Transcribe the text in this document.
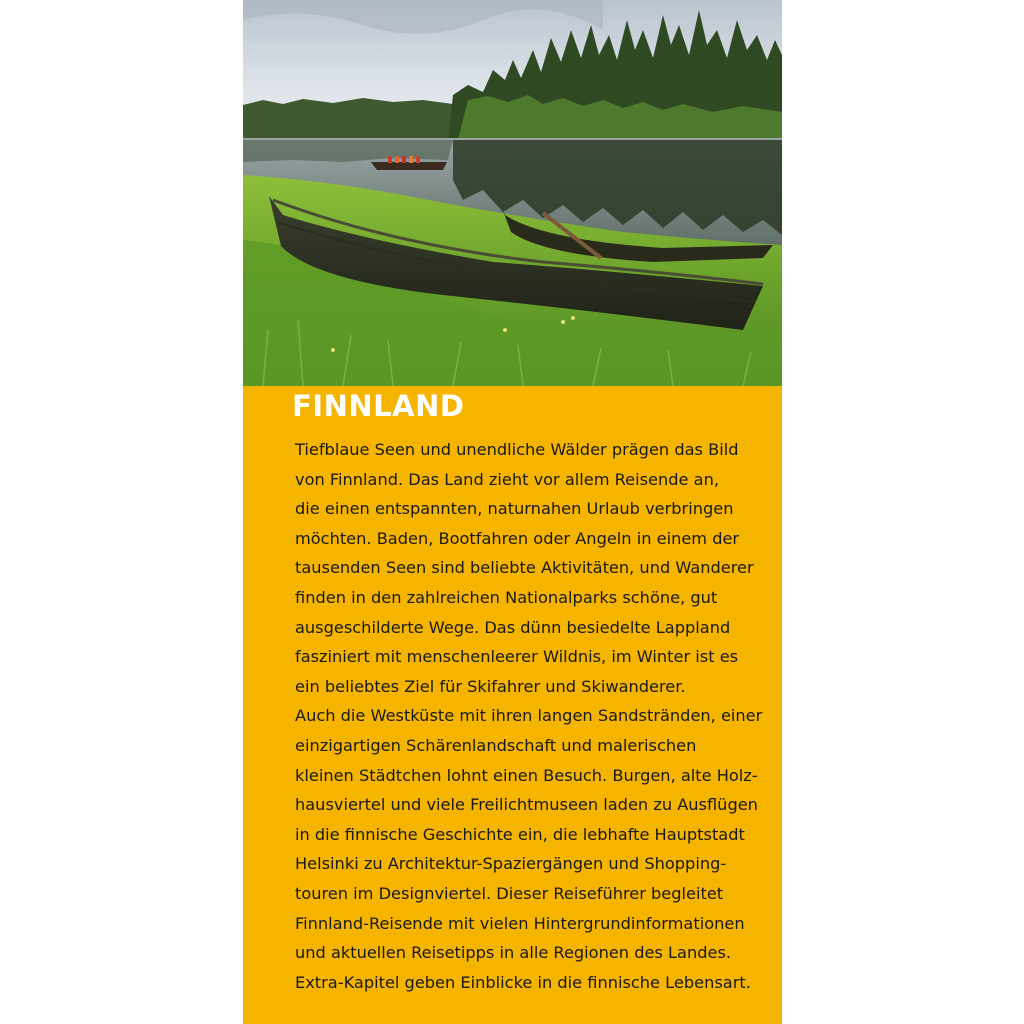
FINNLAND
Tiefblaue Seen und unendliche Wälder prägen das Bild
von Finnland. Das Land zieht vor allem Reisende an,
die einen entspannten, naturnahen Urlaub verbringen
möchten. Baden, Bootfahren oder Angeln in einem der
tausenden Seen sind beliebte Aktivitäten, und Wanderer
finden in den zahlreichen Nationalparks schöne, gut
ausgeschilderte Wege. Das dünn besiedelte Lappland
fasziniert mit menschenleerer Wildnis, im Winter ist es
ein beliebtes Ziel für Skifahrer und Skiwanderer.
Auch die Westküste mit ihren langen Sandstränden, einer
einzigartigen Schärenlandschaft und malerischen
kleinen Städtchen lohnt einen Besuch. Burgen, alte Holz-
hausviertel und viele Freilichtmuseen laden zu Ausflügen
in die finnische Geschichte ein, die lebhafte Hauptstadt
Helsinki zu Architektur-Spaziergängen und Shopping-
touren im Designviertel. Dieser Reiseführer begleitet
Finnland-Reisende mit vielen Hintergrundinformationen
und aktuellen Reisetipps in alle Regionen des Landes.
Extra-Kapitel geben Einblicke in die finnische Lebensart.
